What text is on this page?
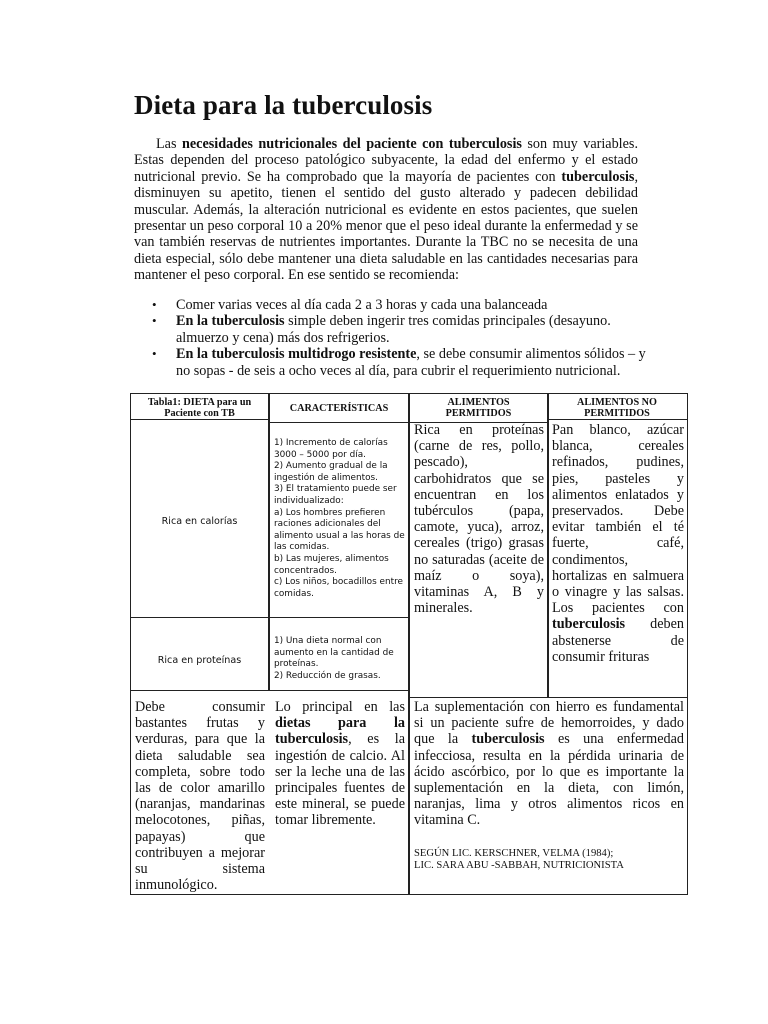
Dieta para la tuberculosis

Las necesidades nutricionales del paciente con tuberculosis son muy variables. Estas dependen del proceso patológico subyacente, la edad del enfermo y el estado nutricional previo. Se ha comprobado que la mayoría de pacientes con tuberculosis, disminuyen su apetito, tienen el sentido del gusto alterado y padecen debilidad muscular. Además, la alteración nutricional es evidente en estos pacientes, que suelen presentar un peso corporal 10 a 20% menor que el peso ideal durante la enfermedad y se van también reservas de nutrientes importantes. Durante la TBC no se necesita de una dieta especial, sólo debe mantener una dieta saludable en las cantidades necesarias para mantener el peso corporal. En ese sentido se recomienda:

• Comer varias veces al día cada 2 a 3 horas y cada una balanceada
• En la tuberculosis simple deben ingerir tres comidas principales (desayuno. almuerzo y cena) más dos refrigerios.
• En la tuberculosis multidrogo resistente, se debe consumir alimentos sólidos – y no sopas - de seis a ocho veces al día, para cubrir el requerimiento nutricional.
Tabla1: DIETA para un Paciente con TB	CARACTERÍSTICAS
ALIMENTOS PERMITIDOS
ALIMENTOS NO PERMITIDOS
Rica en calorías
1) Incremento de calorías 3000 – 5000 por día.
2) Aumento gradual de la ingestión de alimentos.
3) El tratamiento puede ser individualizado:
a) Los hombres prefieren raciones adicionales del alimento usual a las horas de las comidas.
b) Las mujeres, alimentos concentrados.
c) Los niños, bocadillos entre comidas.
Rica en proteínas
1) Una dieta normal con aumento en la cantidad de proteínas.
2) Reducción de grasas.
Rica en proteínas (carne de res, pollo, pescado), carbohidratos que se encuentran en los tubérculos (papa, camote, yuca), arroz, cereales (trigo) grasas no saturadas (aceite de maíz o soya), vitaminas A, B y minerales.
Pan blanco, azúcar blanca, cereales refinados, pudines, pies, pasteles y alimentos enlatados y preservados. Debe evitar también el té fuerte, café, condimentos, hortalizas en salmuera o vinagre y las salsas. Los pacientes con tuberculosis deben abstenerse de consumir frituras
Debe consumir bastantes frutas y verduras, para que la dieta saludable sea completa, sobre todo las de color amarillo (naranjas, mandarinas melocotones, piñas, papayas) que contribuyen a mejorar su sistema inmunológico.
Lo principal en las dietas para la tuberculosis, es la ingestión de calcio. Al ser la leche una de las principales fuentes de este mineral, se puede tomar libremente.
La suplementación con hierro es fundamental si un paciente sufre de hemorroides, y dado que la tuberculosis es una enfermedad infecciosa, resulta en la pérdida urinaria de ácido ascórbico, por lo que es importante la suplementación en la dieta, con limón, naranjas, lima y otros alimentos ricos en vitamina C.
SEGÚN LIC. KERSCHNER, VELMA (1984);
LIC. SARA ABU -SABBAH, NUTRICIONISTA
